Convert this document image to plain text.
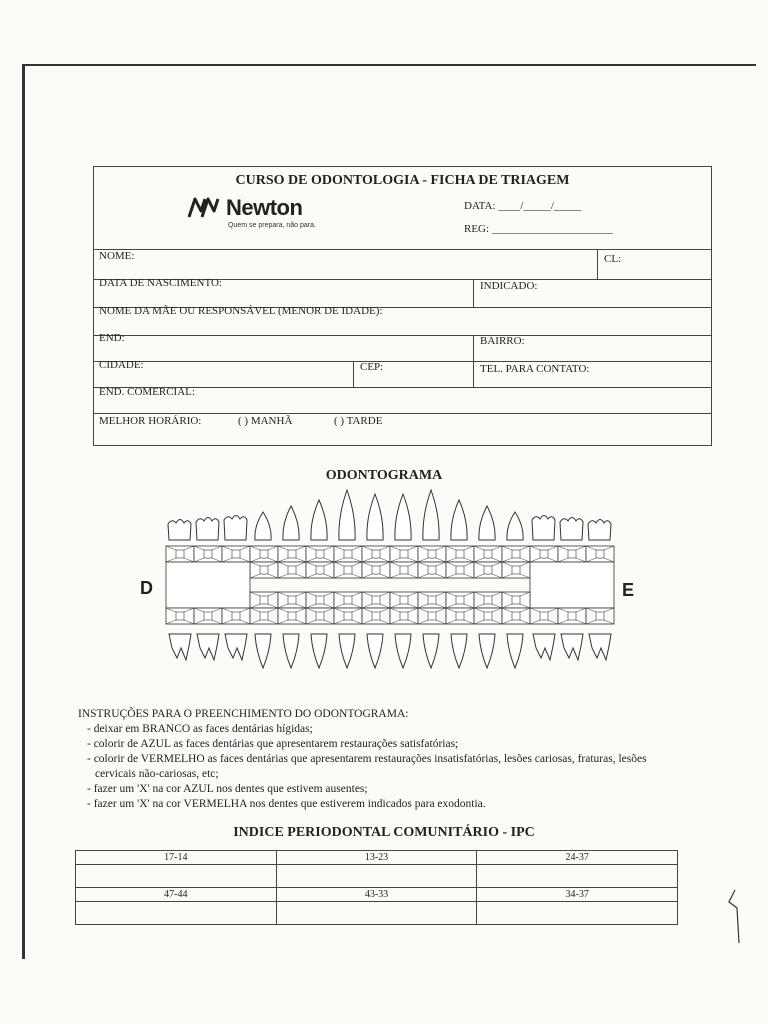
CURSO DE ODONTOLOGIA - FICHA DE TRIAGEM
Newton
Quem se prepara, não para.
DATA: ____/_____/_____
REG: ______________________
NOME:	CL:
DATA DE NASCIMENTO:	INDICADO:
NOME DA MÃE OU RESPONSÁVEL (MENOR DE IDADE):
END:	BAIRRO:
CIDADE:	CEP:	TEL. PARA CONTATO:
END. COMERCIAL:
MELHOR HORÁRIO:	( ) MANHÃ	( ) TARDE
ODONTOGRAMA
D	E
INSTRUÇÕES PARA O PREENCHIMENTO DO ODONTOGRAMA:
- deixar em BRANCO as faces dentárias hígidas;
- colorir de AZUL as faces dentárias que apresentarem restaurações satisfatórias;
- colorir de VERMELHO as faces dentárias que apresentarem restaurações insatisfatórias, lesões cariosas, fraturas, lesões cervicais não-cariosas, etc;
- fazer um 'X' na cor AZUL nos dentes que estivem ausentes;
- fazer um 'X' na cor VERMELHA nos dentes que estiverem indicados para exodontia.
INDICE PERIODONTAL COMUNITÁRIO - IPC
17-14	13-23	24-37

47-44	43-33	34-37
